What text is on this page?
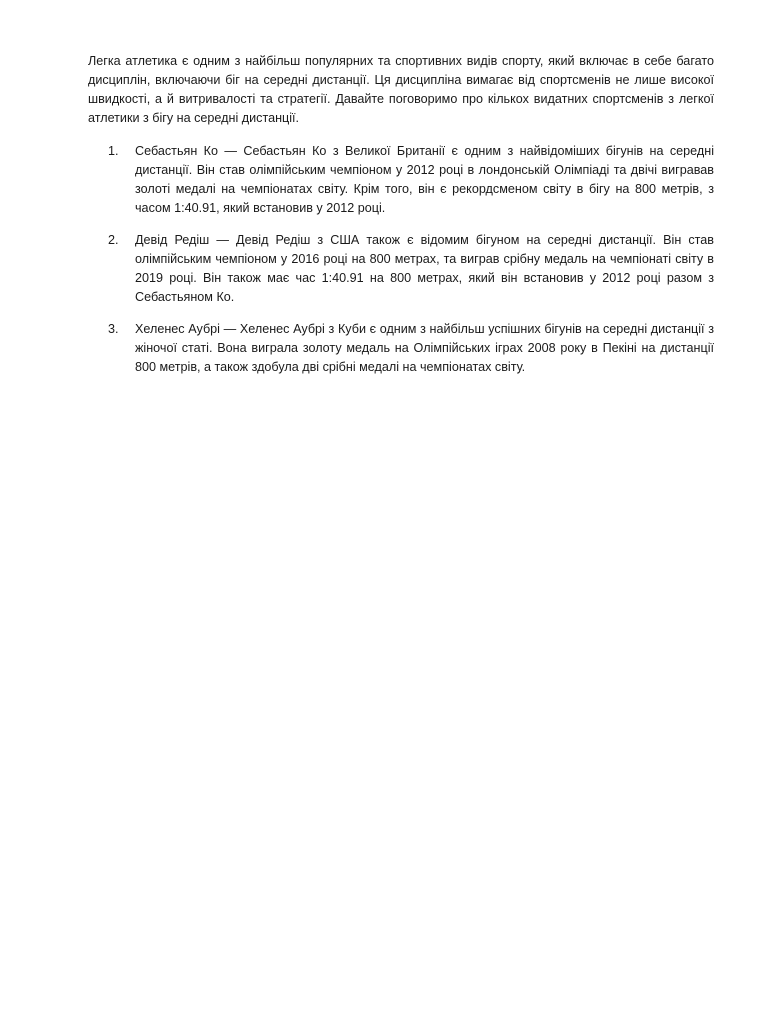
Легка атлетика є одним з найбільш популярних та спортивних видів спорту, який включає в себе багато дисциплін, включаючи біг на середні дистанції. Ця дисципліна вимагає від спортсменів не лише високої швидкості, а й витривалості та стратегії. Давайте поговоримо про кількох видатних спортсменів з легкої атлетики з бігу на середні дистанції.

1. Себастьян Ко — Себастьян Ко з Великої Британії є одним з найвідоміших бігунів на середні дистанції. Він став олімпійським чемпіоном у 2012 році в лондонській Олімпіаді та двічі вигравав золоті медалі на чемпіонатах світу. Крім того, він є рекордсменом світу в бігу на 800 метрів, з часом 1:40.91, який встановив у 2012 році.
2. Девід Редіш — Девід Редіш з США також є відомим бігуном на середні дистанції. Він став олімпійським чемпіоном у 2016 році на 800 метрах, та виграв срібну медаль на чемпіонаті світу в 2019 році. Він також має час 1:40.91 на 800 метрах, який він встановив у 2012 році разом з Себастьяном Ко.
3. Хеленес Аубрі — Хеленес Аубрі з Куби є одним з найбільш успішних бігунів на середні дистанції з жіночої статі. Вона виграла золоту медаль на Олімпійських іграх 2008 року в Пекіні на дистанції 800 метрів, а також здобула дві срібні медалі на чемпіонатах світу.
